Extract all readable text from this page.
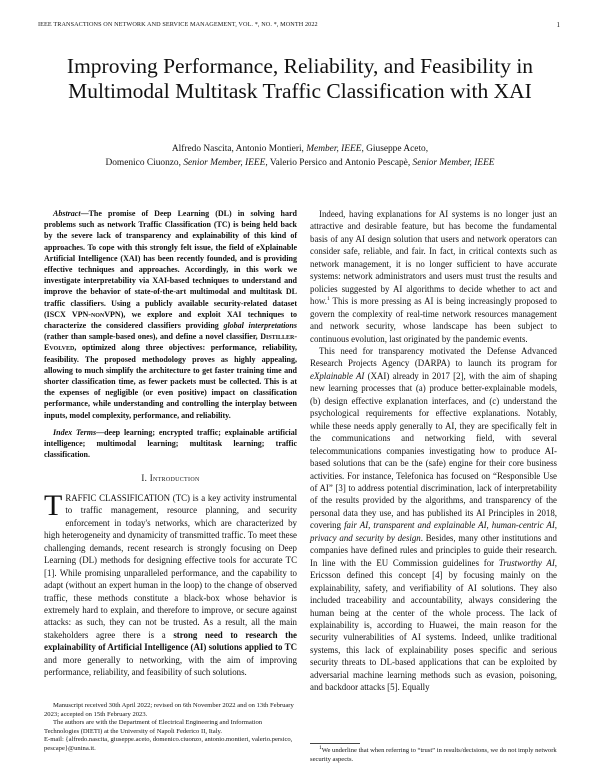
IEEE TRANSACTIONS ON NETWORK AND SERVICE MANAGEMENT, VOL. *, NO. *, MONTH 2022	1
Improving Performance, Reliability, and Feasibility in Multimodal Multitask Traffic Classification with XAI
Alfredo Nascita, Antonio Montieri, Member, IEEE, Giuseppe Aceto,
Domenico Ciuonzo, Senior Member, IEEE, Valerio Persico and Antonio Pescapè, Senior Member, IEEE

Abstract—The promise of Deep Learning (DL) in solving hard problems such as network Traffic Classification (TC) is being held back by the severe lack of transparency and explainability of this kind of approaches. To cope with this strongly felt issue, the field of eXplainable Artificial Intelligence (XAI) has been recently founded, and is providing effective techniques and approaches. Accordingly, in this work we investigate interpretability via XAI-based techniques to understand and improve the behavior of state-of-the-art multimodal and multitask DL traffic classifiers. Using a publicly available security-related dataset (ISCX VPN-nonVPN), we explore and exploit XAI techniques to characterize the considered classifiers providing global interpretations (rather than sample-based ones), and define a novel classifier, Distiller-Evolved, optimized along three objectives: performance, reliability, feasibility. The proposed methodology proves as highly appealing, allowing to much simplify the architecture to get faster training time and shorter classification time, as fewer packets must be collected. This is at the expenses of negligible (or even positive) impact on classification performance, while understanding and controlling the interplay between inputs, model complexity, performance, and reliability.

Index Terms—deep learning; encrypted traffic; explainable artificial intelligence; multimodal learning; multitask learning; traffic classification.

I. Introduction

TRAFFIC CLASSIFICATION (TC) is a key activity instrumental to traffic management, resource planning, and security enforcement in today's networks, which are characterized by high heterogeneity and dynamicity of transmitted traffic. To meet these challenging demands, recent research is strongly focusing on Deep Learning (DL) methods for designing effective tools for accurate TC [1]. While promising unparalleled performance, and the capability to adapt (without an expert human in the loop) to the change of observed traffic, these methods constitute a black-box whose behavior is extremely hard to explain, and therefore to improve, or secure against attacks: as such, they can not be trusted. As a result, all the main stakeholders agree there is a strong need to research the explainability of Artificial Intelligence (AI) solutions applied to TC and more generally to networking, with the aim of improving performance, reliability, and feasibility of such solutions.

Manuscript received 30th April 2022; revised on 6th November 2022 and on 13th February 2023; accepted on 15th February 2023.

The authors are with the Department of Electrical Engineering and Information Technologies (DIETI) at the University of Napoli Federico II, Italy.

E-mail: {alfredo.nascita, giuseppe.aceto, domenico.ciuonzo, antonio.montieri, valerio.persico, pescape}@unina.it.

Indeed, having explanations for AI systems is no longer just an attractive and desirable feature, but has become the fundamental basis of any AI design solution that users and network operators can consider safe, reliable, and fair. In fact, in critical contexts such as network management, it is no longer sufficient to have accurate systems: network administrators and users must trust the results and policies suggested by AI algorithms to decide whether to act and how.$^1$ This is more pressing as AI is being increasingly proposed to govern the complexity of real-time network resources management and network security, whose landscape has been subject to continuous evolution, last originated by the pandemic events.

This need for transparency motivated the Defense Advanced Research Projects Agency (DARPA) to launch its program for eXplainable AI (XAI) already in 2017 [2], with the aim of shaping new learning processes that (a) produce better-explainable models, (b) design effective explanation interfaces, and (c) understand the psychological requirements for effective explanations. Notably, while these needs apply generally to AI, they are specifically felt in the communications and networking field, with several telecommunications companies investigating how to produce AI-based solutions that can be the (safe) engine for their core business activities. For instance, Telefonica has focused on “Responsible Use of AI” [3] to address potential discrimination, lack of interpretability of the results provided by the algorithms, and transparency of the personal data they use, and has published its AI Principles in 2018, covering fair AI, transparent and explainable AI, human-centric AI, privacy and security by design. Besides, many other institutions and companies have defined rules and principles to guide their research. In line with the EU Commission guidelines for Trustworthy AI, Ericsson defined this concept [4] by focusing mainly on the explainability, safety, and verifiability of AI solutions. They also included traceability and accountability, always considering the human being at the center of the whole process. The lack of explainability is, according to Huawei, the main reason for the security vulnerabilities of AI systems. Indeed, unlike traditional systems, this lack of explainability poses specific and serious security threats to DL-based applications that can be exploited by adversarial machine learning methods such as evasion, poisoning, and backdoor attacks [5]. Equally

$^1$We underline that when referring to “trust” in results/decisions, we do not imply network security aspects.
